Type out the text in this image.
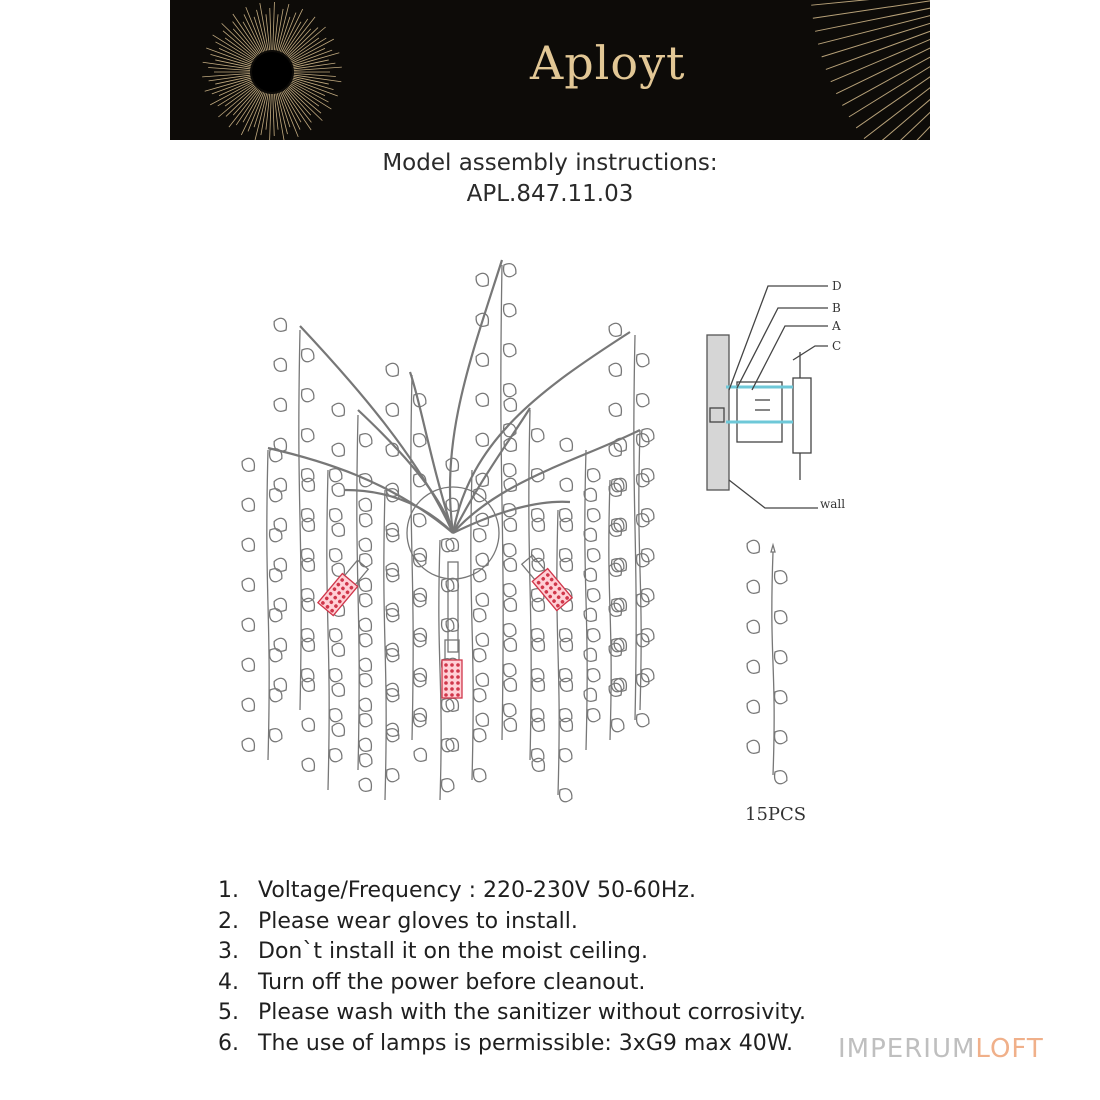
Aployt
Model assembly instructions:
APL.847.11.03
D
B
A
C
wall
15PCS
1. Voltage/Frequency : 220-230V 50-60Hz.
2. Please wear gloves to install.
3. Don`t install it on the moist ceiling.
4. Turn off the power before cleanout.
5. Please wash with the sanitizer without corrosivity.
6. The use of lamps is permissible: 3xG9 max 40W. IMPERIUMLOFT
